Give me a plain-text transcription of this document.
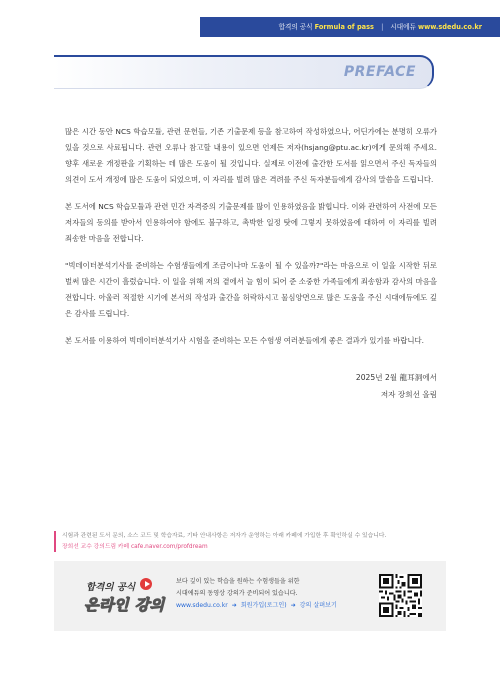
합격의 공식 Formula of pass | 시대에듀 www.sdedu.co.kr
PREFACE

많은 시간 동안 NCS 학습모듈, 관련 문헌들, 기존 기출문제 등을 참고하여 작성하였으나, 어딘가에는 분명히 오류가 있을 것으로 사료됩니다. 관련 오류나 참고할 내용이 있으면 언제든 저자(hsjang@ptu.ac.kr)에게 문의해 주세요. 향후 새로운 개정판을 기획하는 데 많은 도움이 될 것입니다. 실제로 이전에 출간한 도서를 읽으면서 주신 독자들의 의견이 도서 개정에 많은 도움이 되었으며, 이 자리를 빌려 많은 격려를 주신 독자분들에게 감사의 말씀을 드립니다.

본 도서에 NCS 학습모듈과 관련 민간 자격증의 기출문제를 많이 인용하였음을 밝힙니다. 이와 관련하여 사전에 모든 저자들의 동의를 받아서 인용하여야 함에도 불구하고, 촉박한 일정 탓에 그렇지 못하였음에 대하여 이 자리를 빌려 죄송한 마음을 전합니다.

"빅데이터분석기사를 준비하는 수험생들에게 조금이나마 도움이 될 수 있을까?"라는 마음으로 이 일을 시작한 뒤로 벌써 많은 시간이 흘렀습니다. 이 일을 위해 저의 곁에서 늘 힘이 되어 준 소중한 가족들에게 죄송함과 감사의 마음을 전합니다. 아울러 적절한 시기에 본서의 작성과 출간을 허락하시고 물심양면으로 많은 도움을 주신 시대에듀에도 깊은 감사를 드립니다.

본 도서를 이용하여 빅데이터분석기사 시험을 준비하는 모든 수험생 여러분들에게 좋은 결과가 있기를 바랍니다.

2025년 2월 龍耳洞에서
저자 장희선 올림
시험과 관련된 도서 문의, 소스 코드 및 학습자료, 기타 안내사항은 저자가 운영하는 아래 카페에 가입한 후 확인하실 수 있습니다.
장희선 교수 강의드림 카페 cafe.naver.com/profdream
합격의 공식
온라인 강의
보다 깊이 있는 학습을 원하는 수험생들을 위한
시대에듀의 동영상 강의가 준비되어 있습니다.
www.sdedu.co.kr ➜ 회원가입(로그인) ➜ 강의 살펴보기
